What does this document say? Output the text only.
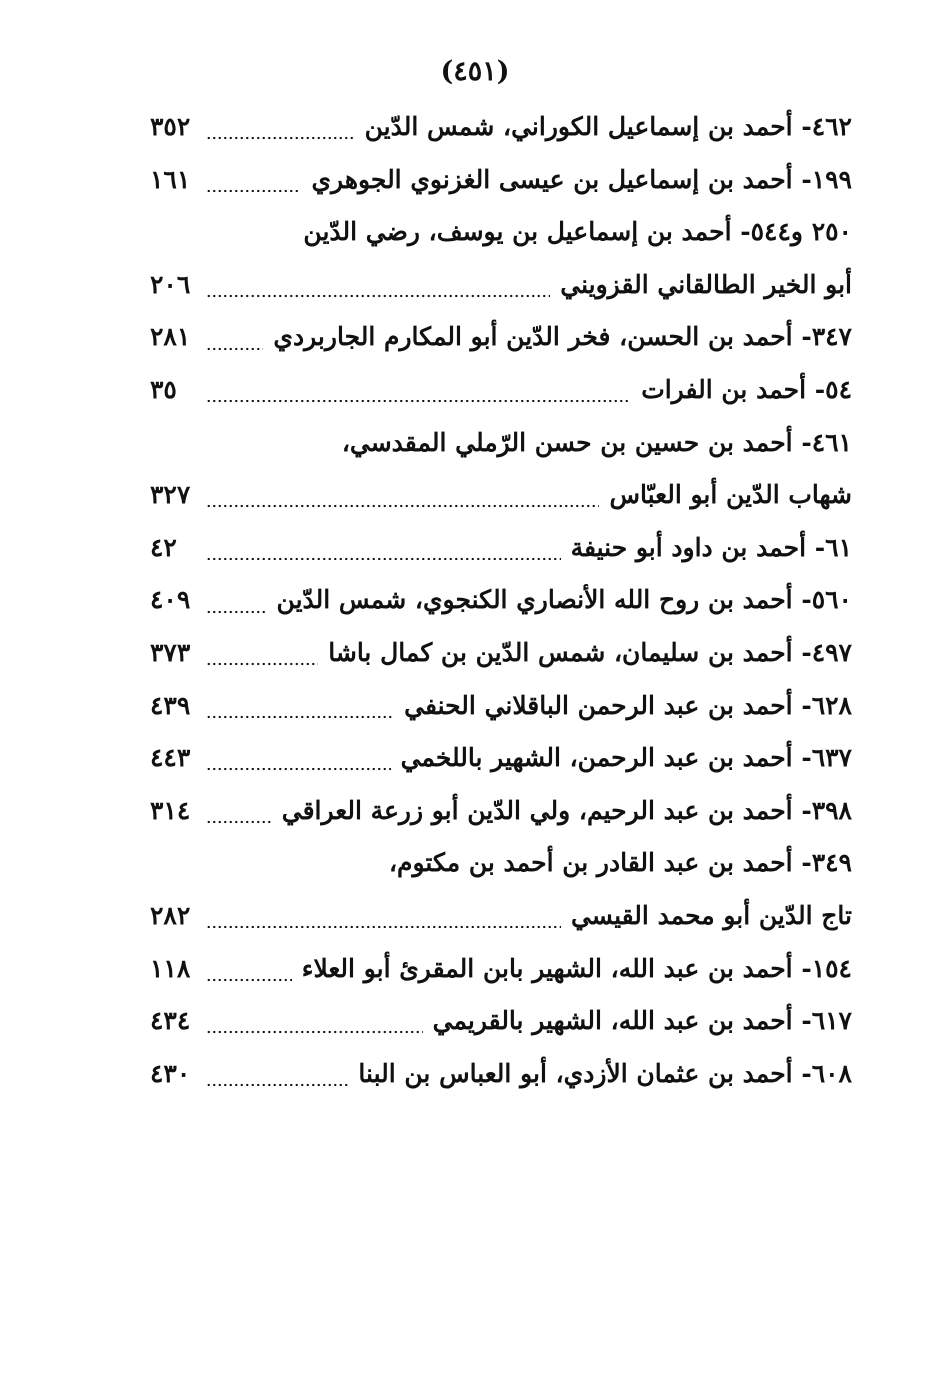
(٤٥١)
٤٦٢- أحمد بن إسماعيل الكوراني، شمس الدّين
٣٥٢
١٩٩- أحمد بن إسماعيل بن عيسى الغزنوي الجوهري
١٦١
٢٥٠ و٥٤٤- أحمد بن إسماعيل بن يوسف، رضي الدّين
أبو الخير الطالقاني القزويني
٢٠٦
٣٤٧- أحمد بن الحسن، فخر الدّين أبو المكارم الجاربردي
٢٨١
٥٤- أحمد بن الفرات
٣٥
٤٦١- أحمد بن حسين بن حسن الرّملي المقدسي،
شهاب الدّين أبو العبّاس
٣٢٧
٦١- أحمد بن داود أبو حنيفة
٤٢
٥٦٠- أحمد بن روح الله الأنصاري الكنجوي، شمس الدّين
٤٠٩
٤٩٧- أحمد بن سليمان، شمس الدّين بن كمال باشا
٣٧٣
٦٢٨- أحمد بن عبد الرحمن الباقلاني الحنفي
٤٣٩
٦٣٧- أحمد بن عبد الرحمن، الشهير باللخمي
٤٤٣
٣٩٨- أحمد بن عبد الرحيم، ولي الدّين أبو زرعة العراقي
٣١٤
٣٤٩- أحمد بن عبد القادر بن أحمد بن مكتوم،
تاج الدّين أبو محمد القيسي
٢٨٢
١٥٤- أحمد بن عبد الله، الشهير بابن المقرئ أبو العلاء
١١٨
٦١٧- أحمد بن عبد الله، الشهير بالقريمي
٤٣٤
٦٠٨- أحمد بن عثمان الأزدي، أبو العباس بن البنا
٤٣٠
